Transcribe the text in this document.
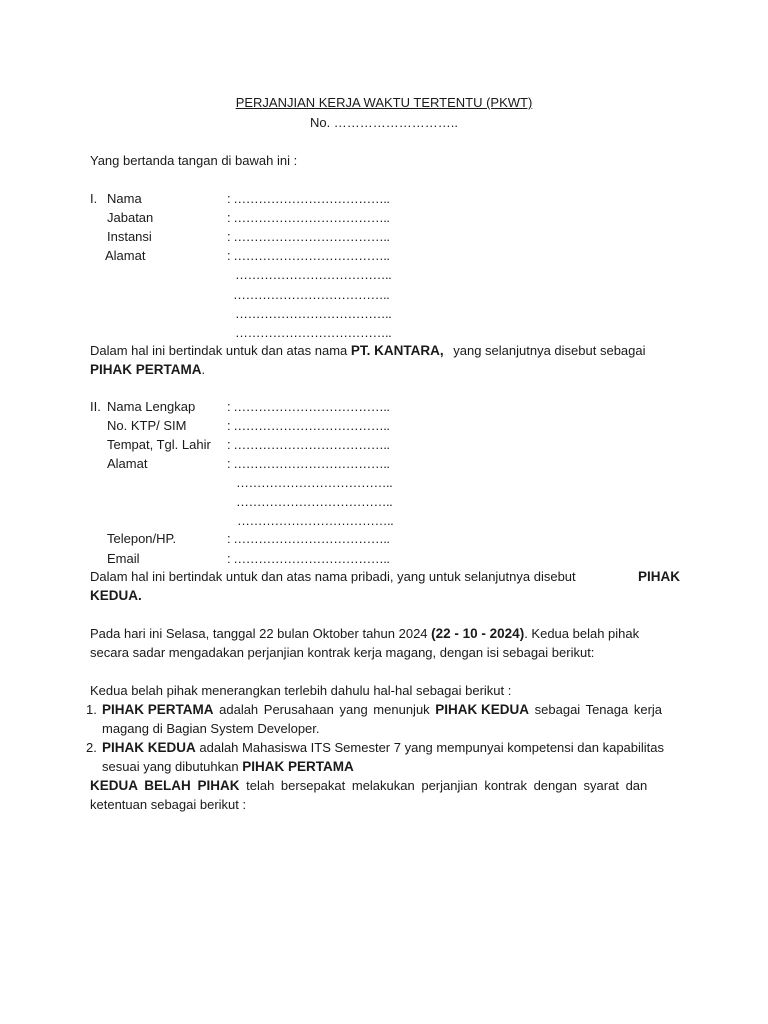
PERJANJIAN KERJA WAKTU TERTENTU (PKWT)
No. ………………………..
Yang bertanda tangan di bawah ini :
I. Nama	: ………………………………..
Jabatan	: ………………………………..
Instansi	: ………………………………..
Alamat	: ………………………………..
………………………………..
………………………………..
………………………………..
………………………………..
Dalam hal ini bertindak untuk dan atas nama PT. KANTARA, yang selanjutnya disebut sebagai
PIHAK PERTAMA.
II. Nama Lengkap : ………………………………..
No. KTP/ SIM	: ………………………………..
Tempat, Tgl. Lahir : ………………………………..
Alamat	: ………………………………..
………………………………..
………………………………..
………………………………..
Telepon/HP.	: ………………………………..
Email	: ………………………………..
Dalam hal ini bertindak untuk dan atas nama pribadi, yang untuk selanjutnya disebut	PIHAK
KEDUA.
Pada hari ini Selasa, tanggal 22 bulan Oktober tahun 2024 (22 - 10 - 2024). Kedua belah pihak
secara sadar mengadakan perjanjian kontrak kerja magang, dengan isi sebagai berikut:
Kedua belah pihak menerangkan terlebih dahulu hal-hal sebagai berikut :
1. PIHAK PERTAMA adalah Perusahaan yang menunjuk PIHAK KEDUA sebagai Tenaga kerja
magang di Bagian System Developer.
2. PIHAK KEDUA adalah Mahasiswa ITS Semester 7 yang mempunyai kompetensi dan kapabilitas
sesuai yang dibutuhkan PIHAK PERTAMA
KEDUA BELAH PIHAK telah bersepakat melakukan perjanjian kontrak dengan syarat dan
ketentuan sebagai berikut :
